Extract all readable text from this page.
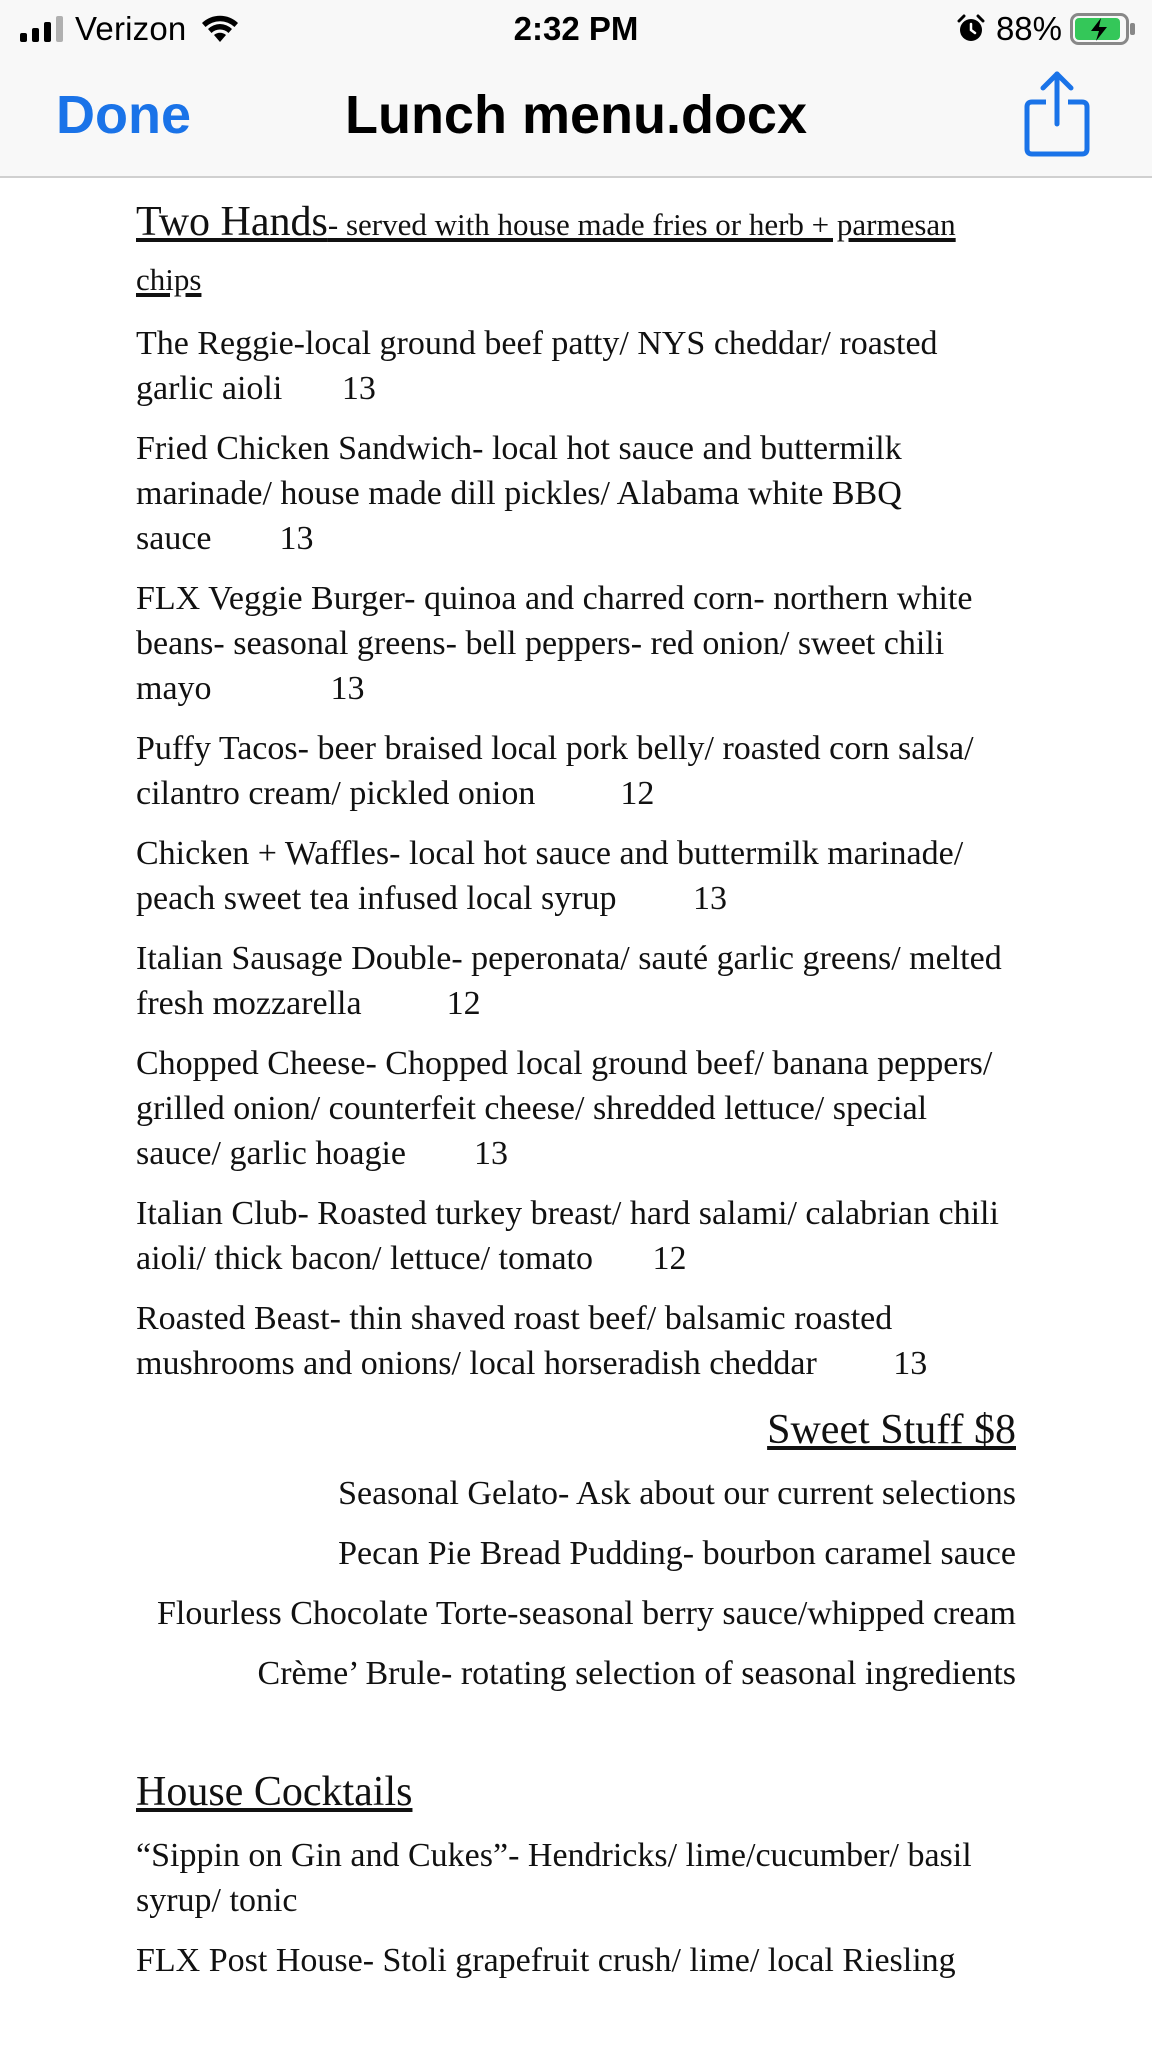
Verizon	2:32 PM	88%
Done	Lunch menu.docx

Two Hands- served with house made fries or herb + parmesan chips

The Reggie-local ground beef patty/ NYS cheddar/ roasted garlic aioli 13

Fried Chicken Sandwich- local hot sauce and buttermilk marinade/ house made dill pickles/ Alabama white BBQ sauce 13

FLX Veggie Burger- quinoa and charred corn- northern white beans- seasonal greens- bell peppers- red onion/ sweet chili mayo	13

Puffy Tacos- beer braised local pork belly/ roasted corn salsa/ cilantro cream/ pickled onion	12

Chicken + Waffles- local hot sauce and buttermilk marinade/ peach sweet tea infused local syrup 13

Italian Sausage Double- peperonata/ sauté garlic greens/ melted fresh mozzarella	12

Chopped Cheese- Chopped local ground beef/ banana peppers/ grilled onion/ counterfeit cheese/ shredded lettuce/ special sauce/ garlic hoagie 13

Italian Club- Roasted turkey breast/ hard salami/ calabrian chili aioli/ thick bacon/ lettuce/ tomato 12

Roasted Beast- thin shaved roast beef/ balsamic roasted mushrooms and onions/ local horseradish cheddar 13

Sweet Stuff $8

Seasonal Gelato- Ask about our current selections

Pecan Pie Bread Pudding- bourbon caramel sauce

Flourless Chocolate Torte-seasonal berry sauce/whipped cream

Crème’ Brule- rotating selection of seasonal ingredients

House Cocktails

“Sippin on Gin and Cukes”- Hendricks/ lime/cucumber/ basil syrup/ tonic

FLX Post House- Stoli grapefruit crush/ lime/ local Riesling
